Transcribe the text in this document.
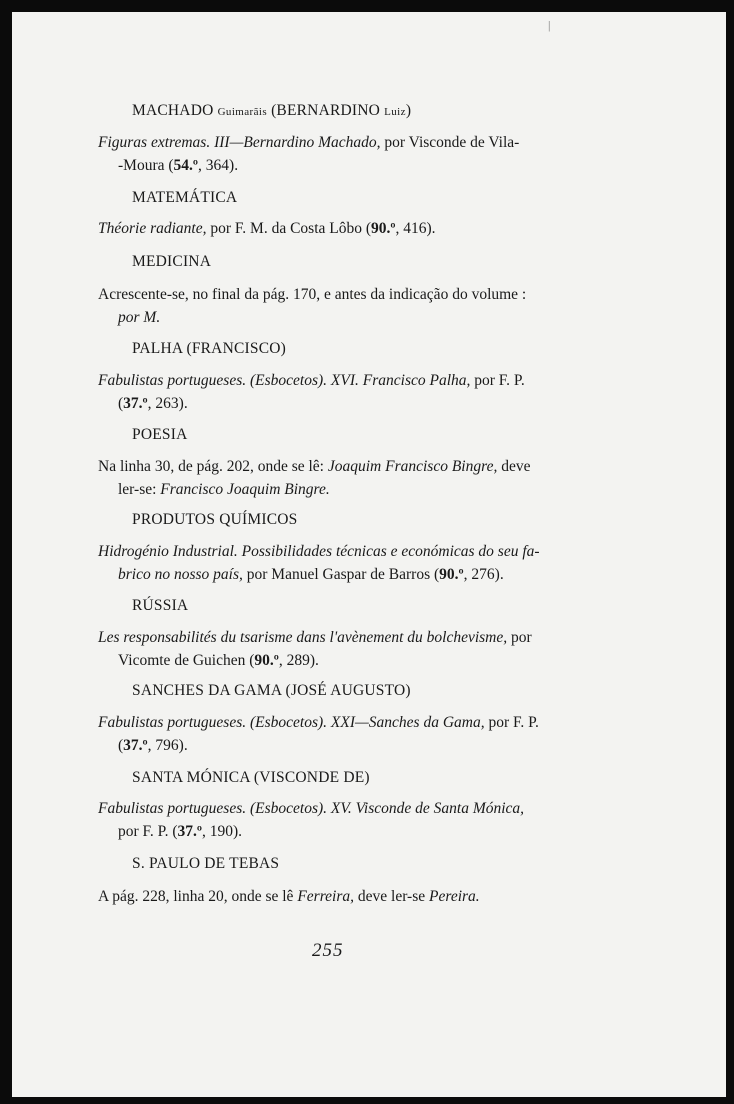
MACHADO Guimarãis (BERNARDINO Luiz)
Figuras extremas. III—Bernardino Machado, por Visconde de Vila-
-Moura (54.º, 364).
MATEMÁTICA
Théorie radiante, por F. M. da Costa Lôbo (90.º, 416).
MEDICINA
Acrescente-se, no final da pág. 170, e antes da indicação do volume :
por M.
PALHA (FRANCISCO)
Fabulistas portugueses. (Esbocetos). XVI. Francisco Palha, por F. P.
(37.º, 263).
POESIA
Na linha 30, de pág. 202, onde se lê: Joaquim Francisco Bingre, deve
ler-se: Francisco Joaquim Bingre.
PRODUTOS QUÍMICOS
Hidrogénio Industrial. Possibilidades técnicas e económicas do seu fa-
brico no nosso país, por Manuel Gaspar de Barros (90.º, 276).
RÚSSIA
Les responsabilités du tsarisme dans l'avènement du bolchevisme, por
Vicomte de Guichen (90.º, 289).
SANCHES DA GAMA (JOSÉ AUGUSTO)
Fabulistas portugueses. (Esbocetos). XXI—Sanches da Gama, por F. P.
(37.º, 796).
SANTA MÓNICA (VISCONDE DE)
Fabulistas portugueses. (Esbocetos). XV. Visconde de Santa Mónica,
por F. P. (37.º, 190).
S. PAULO DE TEBAS
A pág. 228, linha 20, onde se lê Ferreira, deve ler-se Pereira.
255
|
